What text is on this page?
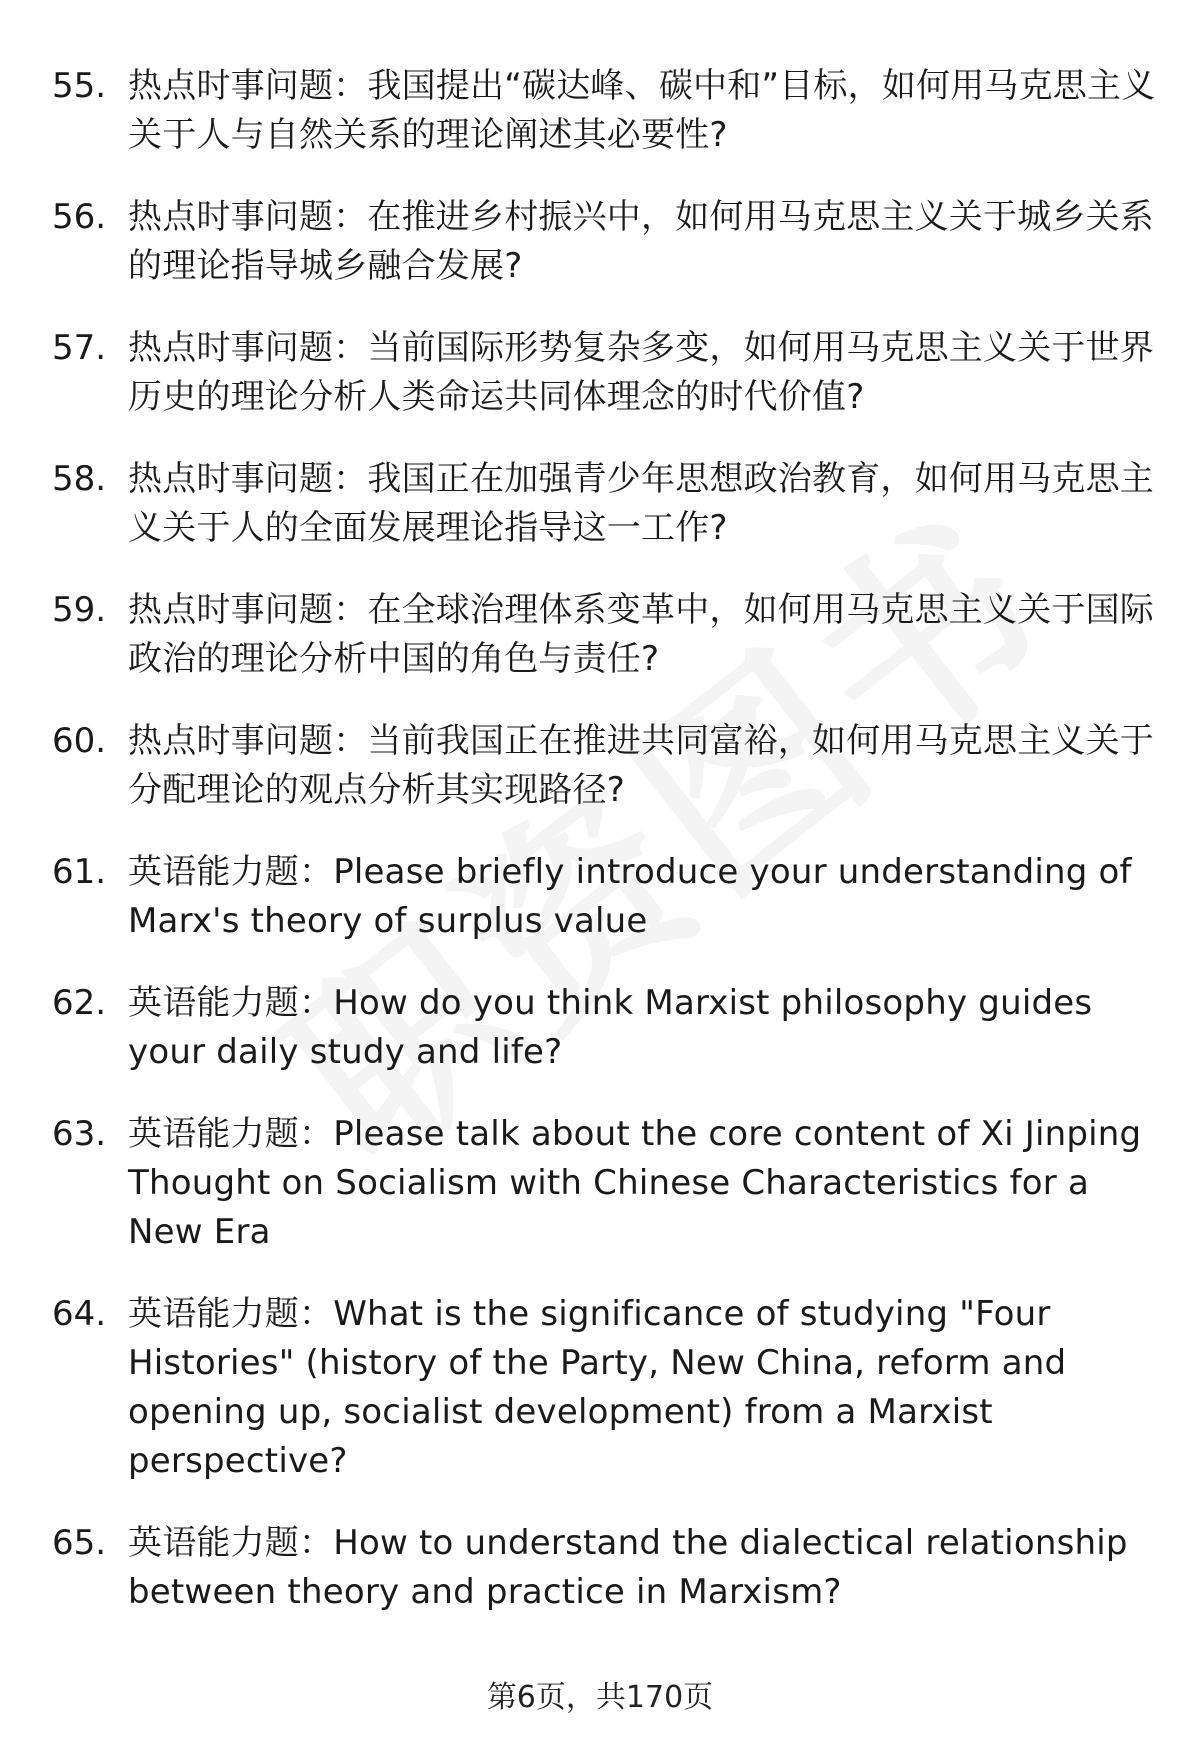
55. 热点时事问题：我国提出“碳达峰、碳中和”目标，如何用马克思主义关于人与自然关系的理论阐述其必要性?
56. 热点时事问题：在推进乡村振兴中，如何用马克思主义关于城乡关系的理论指导城乡融合发展?
57. 热点时事问题：当前国际形势复杂多变，如何用马克思主义关于世界历史的理论分析人类命运共同体理念的时代价值?
58. 热点时事问题：我国正在加强青少年思想政治教育，如何用马克思主义关于人的全面发展理论指导这一工作?
59. 热点时事问题：在全球治理体系变革中，如何用马克思主义关于国际政治的理论分析中国的角色与责任?
60. 热点时事问题：当前我国正在推进共同富裕，如何用马克思主义关于分配理论的观点分析其实现路径?
61. 英语能力题：Please briefly introduce your understanding of Marx's theory of surplus value
62. 英语能力题：How do you think Marxist philosophy guides your daily study and life?
63. 英语能力题：Please talk about the core content of Xi Jinping Thought on Socialism with Chinese Characteristics for a New Era
64. 英语能力题：What is the significance of studying "Four Histories" (history of the Party, New China, reform and opening up, socialist development) from a Marxist perspective?
65. 英语能力题：How to understand the dialectical relationship between theory and practice in Marxism?
第6页，共170页
